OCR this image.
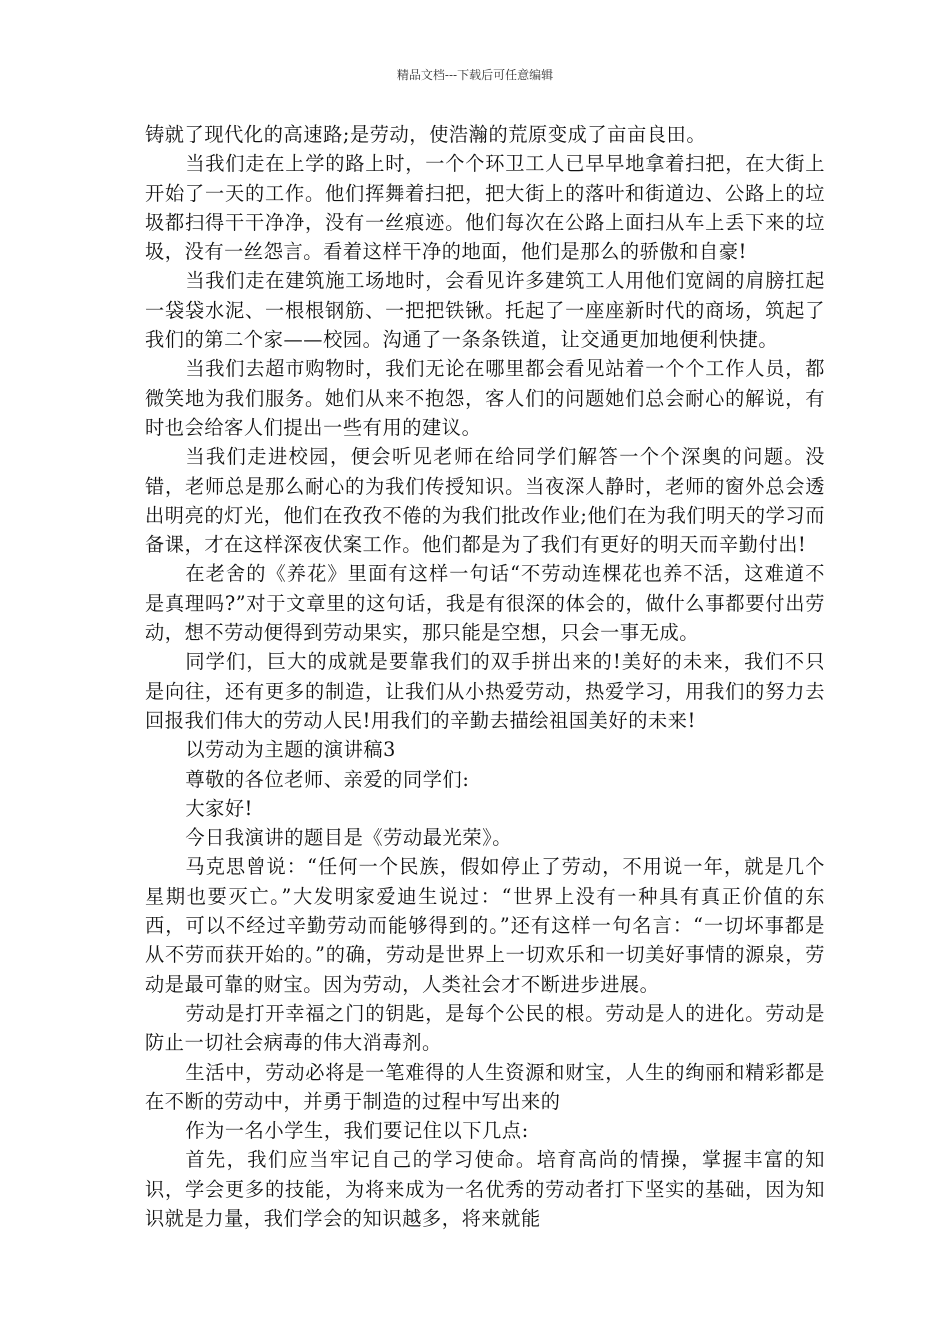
精品文档---下载后可任意编辑

铸就了现代化的高速路;是劳动，使浩瀚的荒原变成了亩亩良田。

当我们走在上学的路上时，一个个环卫工人已早早地拿着扫把，在大街上开始了一天的工作。他们挥舞着扫把，把大街上的落叶和街道边、公路上的垃圾都扫得干干净净，没有一丝痕迹。他们每次在公路上面扫从车上丢下来的垃圾，没有一丝怨言。看着这样干净的地面，他们是那么的骄傲和自豪!

当我们走在建筑施工场地时，会看见许多建筑工人用他们宽阔的肩膀扛起一袋袋水泥、一根根钢筋、一把把铁锹。托起了一座座新时代的商场，筑起了我们的第二个家——校园。沟通了一条条铁道，让交通更加地便利快捷。

当我们去超市购物时，我们无论在哪里都会看见站着一个个工作人员，都微笑地为我们服务。她们从来不抱怨，客人们的问题她们总会耐心的解说，有时也会给客人们提出一些有用的建议。

当我们走进校园，便会听见老师在给同学们解答一个个深奥的问题。没错，老师总是那么耐心的为我们传授知识。当夜深人静时，老师的窗外总会透出明亮的灯光，他们在孜孜不倦的为我们批改作业;他们在为我们明天的学习而备课，才在这样深夜伏案工作。他们都是为了我们有更好的明天而辛勤付出!

在老舍的《养花》里面有这样一句话“不劳动连棵花也养不活，这难道不是真理吗?”对于文章里的这句话，我是有很深的体会的，做什么事都要付出劳动，想不劳动便得到劳动果实，那只能是空想，只会一事无成。

同学们，巨大的成就是要靠我们的双手拼出来的!美好的未来，我们不只是向往，还有更多的制造，让我们从小热爱劳动，热爱学习，用我们的努力去回报我们伟大的劳动人民!用我们的辛勤去描绘祖国美好的未来!

以劳动为主题的演讲稿3

尊敬的各位老师、亲爱的同学们:

大家好!

今日我演讲的题目是《劳动最光荣》。

马克思曾说：“任何一个民族，假如停止了劳动，不用说一年，就是几个星期也要灭亡。”大发明家爱迪生说过：“世界上没有一种具有真正价值的东西，可以不经过辛勤劳动而能够得到的。”还有这样一句名言：“一切坏事都是从不劳而获开始的。”的确，劳动是世界上一切欢乐和一切美好事情的源泉，劳动是最可靠的财宝。因为劳动，人类社会才不断进步进展。

劳动是打开幸福之门的钥匙，是每个公民的根。劳动是人的进化。劳动是防止一切社会病毒的伟大消毒剂。

生活中，劳动必将是一笔难得的人生资源和财宝，人生的绚丽和精彩都是在不断的劳动中，并勇于制造的过程中写出来的

作为一名小学生，我们要记住以下几点:

首先，我们应当牢记自己的学习使命。培育高尚的情操，掌握丰富的知识，学会更多的技能，为将来成为一名优秀的劳动者打下坚实的基础，因为知识就是力量，我们学会的知识越多，将来就能
